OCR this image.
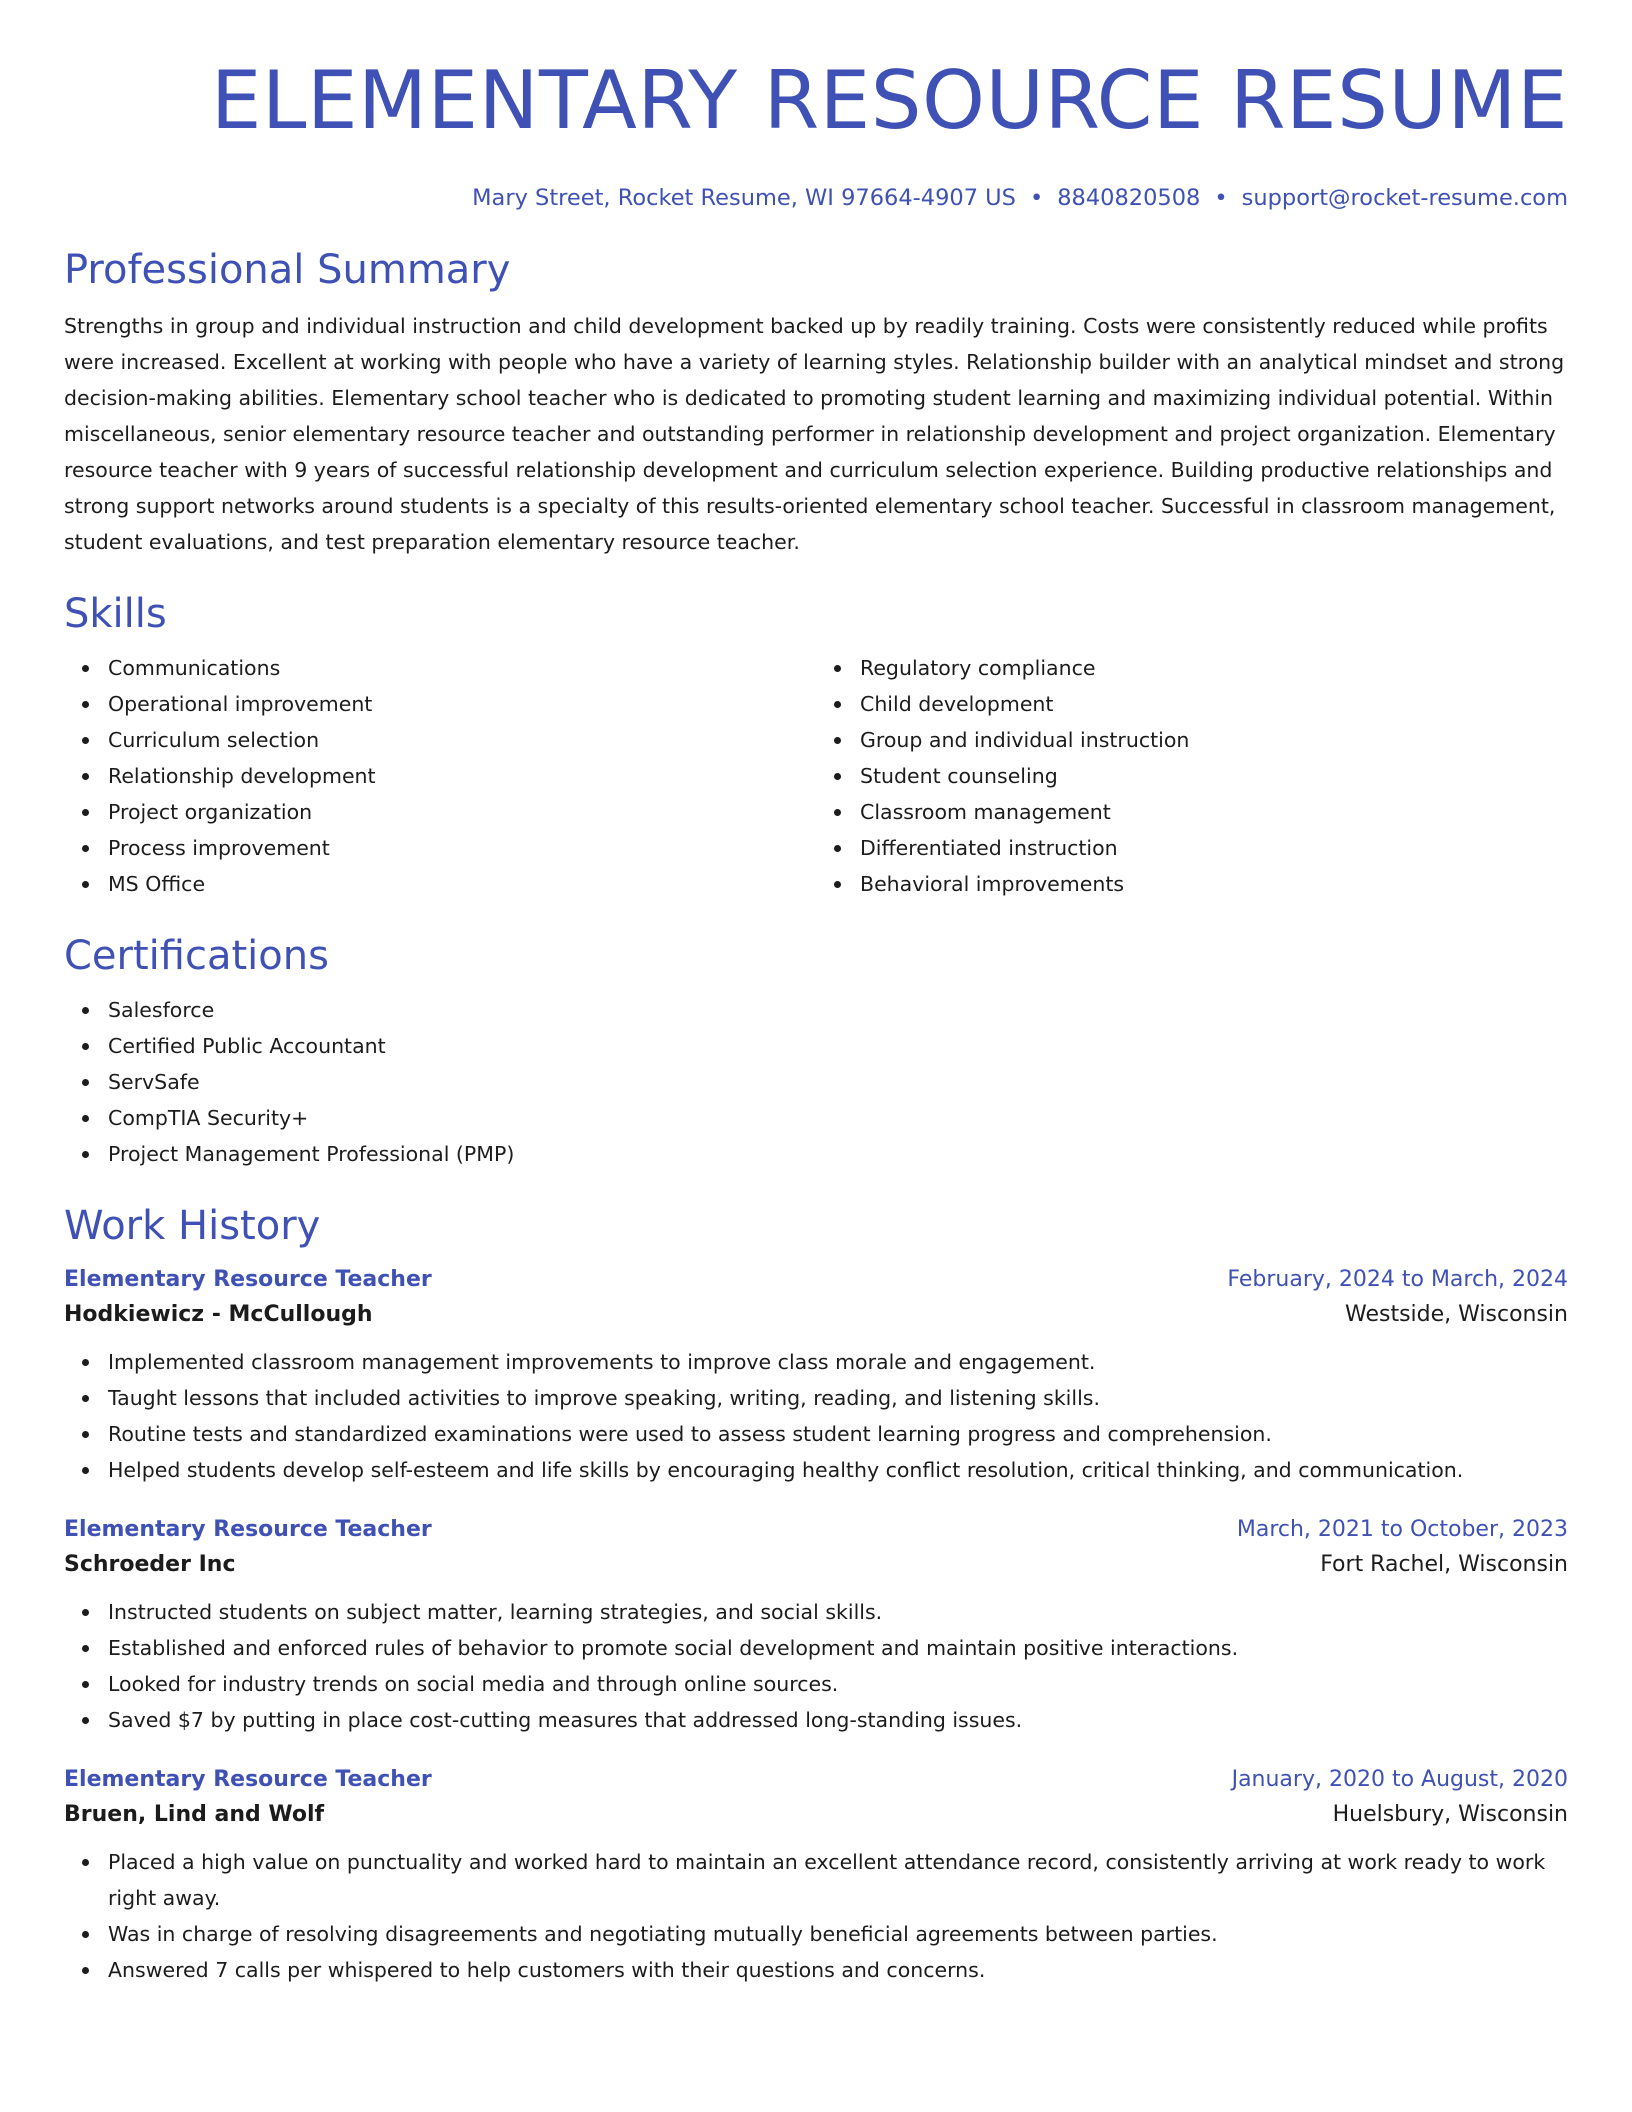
ELEMENTARY RESOURCE RESUME
Mary Street, Rocket Resume, WI 97664-4907 US • 8840820508 • support@rocket-resume.com
Professional Summary

Strengths in group and individual instruction and child development backed up by readily training. Costs were consistently reduced while profits were increased. Excellent at working with people who have a variety of learning styles. Relationship builder with an analytical mindset and strong decision-making abilities. Elementary school teacher who is dedicated to promoting student learning and maximizing individual potential. Within miscellaneous, senior elementary resource teacher and outstanding performer in relationship development and project organization. Elementary resource teacher with 9 years of successful relationship development and curriculum selection experience. Building productive relationships and strong support networks around students is a specialty of this results-oriented elementary school teacher. Successful in classroom management, student evaluations, and test preparation elementary resource teacher.

Skills
Communications
Operational improvement
Curriculum selection
Relationship development
Project organization
Process improvement
MS Office
Regulatory compliance
Child development
Group and individual instruction
Student counseling
Classroom management
Differentiated instruction
Behavioral improvements
Certifications
Salesforce
Certified Public Accountant
ServSafe
CompTIA Security+
Project Management Professional (PMP)
Work History
Elementary Resource Teacher	February, 2024 to March, 2024
Hodkiewicz - McCullough	Westside, Wisconsin
Implemented classroom management improvements to improve class morale and engagement.
Taught lessons that included activities to improve speaking, writing, reading, and listening skills.
Routine tests and standardized examinations were used to assess student learning progress and comprehension.
Helped students develop self-esteem and life skills by encouraging healthy conflict resolution, critical thinking, and communication.
Elementary Resource Teacher	March, 2021 to October, 2023
Schroeder Inc	Fort Rachel, Wisconsin
Instructed students on subject matter, learning strategies, and social skills.
Established and enforced rules of behavior to promote social development and maintain positive interactions.
Looked for industry trends on social media and through online sources.
Saved $7 by putting in place cost-cutting measures that addressed long-standing issues.
Elementary Resource Teacher	January, 2020 to August, 2020
Bruen, Lind and Wolf	Huelsbury, Wisconsin
Placed a high value on punctuality and worked hard to maintain an excellent attendance record, consistently arriving at work ready to work right away.
Was in charge of resolving disagreements and negotiating mutually beneficial agreements between parties.
Answered 7 calls per whispered to help customers with their questions and concerns.
